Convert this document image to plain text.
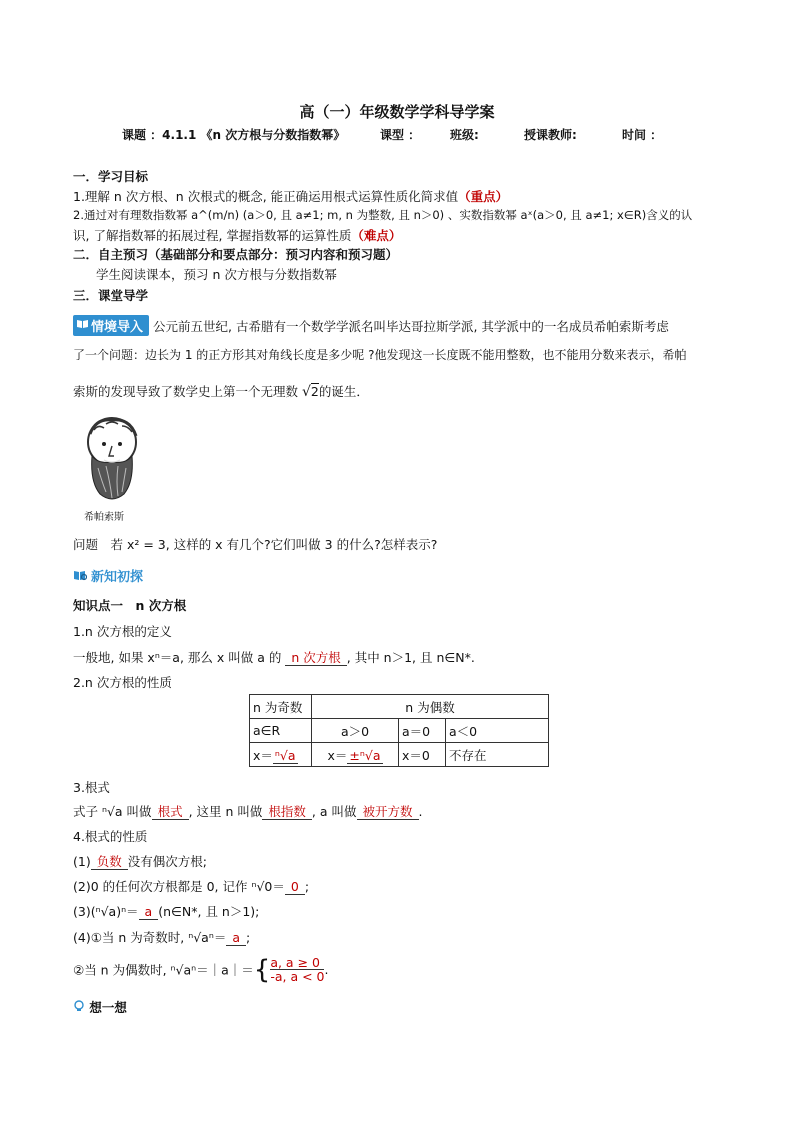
高（一）年级数学学科导学案
课题 ：4.1.1 《n 次方根与分数指数幂》	课型 ： 班级:	授课教师:	时间 ：
一．学习目标
1.理解 n 次方根、n 次根式的概念, 能正确运用根式运算性质化简求值（重点）
2.通过对有理数指数幂 a^(m/n) (a＞0, 且 a≠1; m, n 为整数, 且 n＞0) 、实数指数幂 aˣ(a＞0, 且 a≠1; x∈R)含义的认
识, 了解指数幂的拓展过程, 掌握指数幂的运算性质（难点）
二．自主预习（基础部分和要点部分：预习内容和预习题）
学生阅读课本，预习 n 次方根与分数指数幂
三．课堂导学
情境导入 公元前五世纪, 古希腊有一个数学学派名叫毕达哥拉斯学派, 其学派中的一名成员希帕索斯考虑
了一个问题：边长为 1 的正方形其对角线长度是多少呢 ?他发现这一长度既不能用整数，也不能用分数来表示，希帕
索斯的发现导致了数学史上第一个无理数 √2的诞生．
希帕索斯
问题　若 x² = 3, 这样的 x 有几个?它们叫做 3 的什么?怎样表示?
新知初探
知识点一　n 次方根
1.n 次方根的定义
一般地, 如果 xⁿ＝a, 那么 x 叫做 a 的 n 次方根 , 其中 n＞1, 且 n∈N*.
2.n 次方根的性质
n 为奇数	n 为偶数		
a∈R	a＞0	a＝0	a＜0
x＝ ⁿ√a	x＝ ±ⁿ√a	x＝0	不存在
3.根式
式子 ⁿ√a 叫做 根式 , 这里 n 叫做 根指数 , a 叫做 被开方数 .
4.根式的性质
(1) 负数 没有偶次方根;
(2)0 的任何次方根都是 0, 记作 ⁿ√0＝ 0 ;
(3)(ⁿ√a)ⁿ＝ a (n∈N*, 且 n＞1);
(4)①当 n 为奇数时, ⁿ√aⁿ＝ a ;
②当 n 为偶数时, ⁿ√aⁿ＝｜a｜＝{ $\frac{a, a \ge 0}{-a, a < 0}$ .
想一想
